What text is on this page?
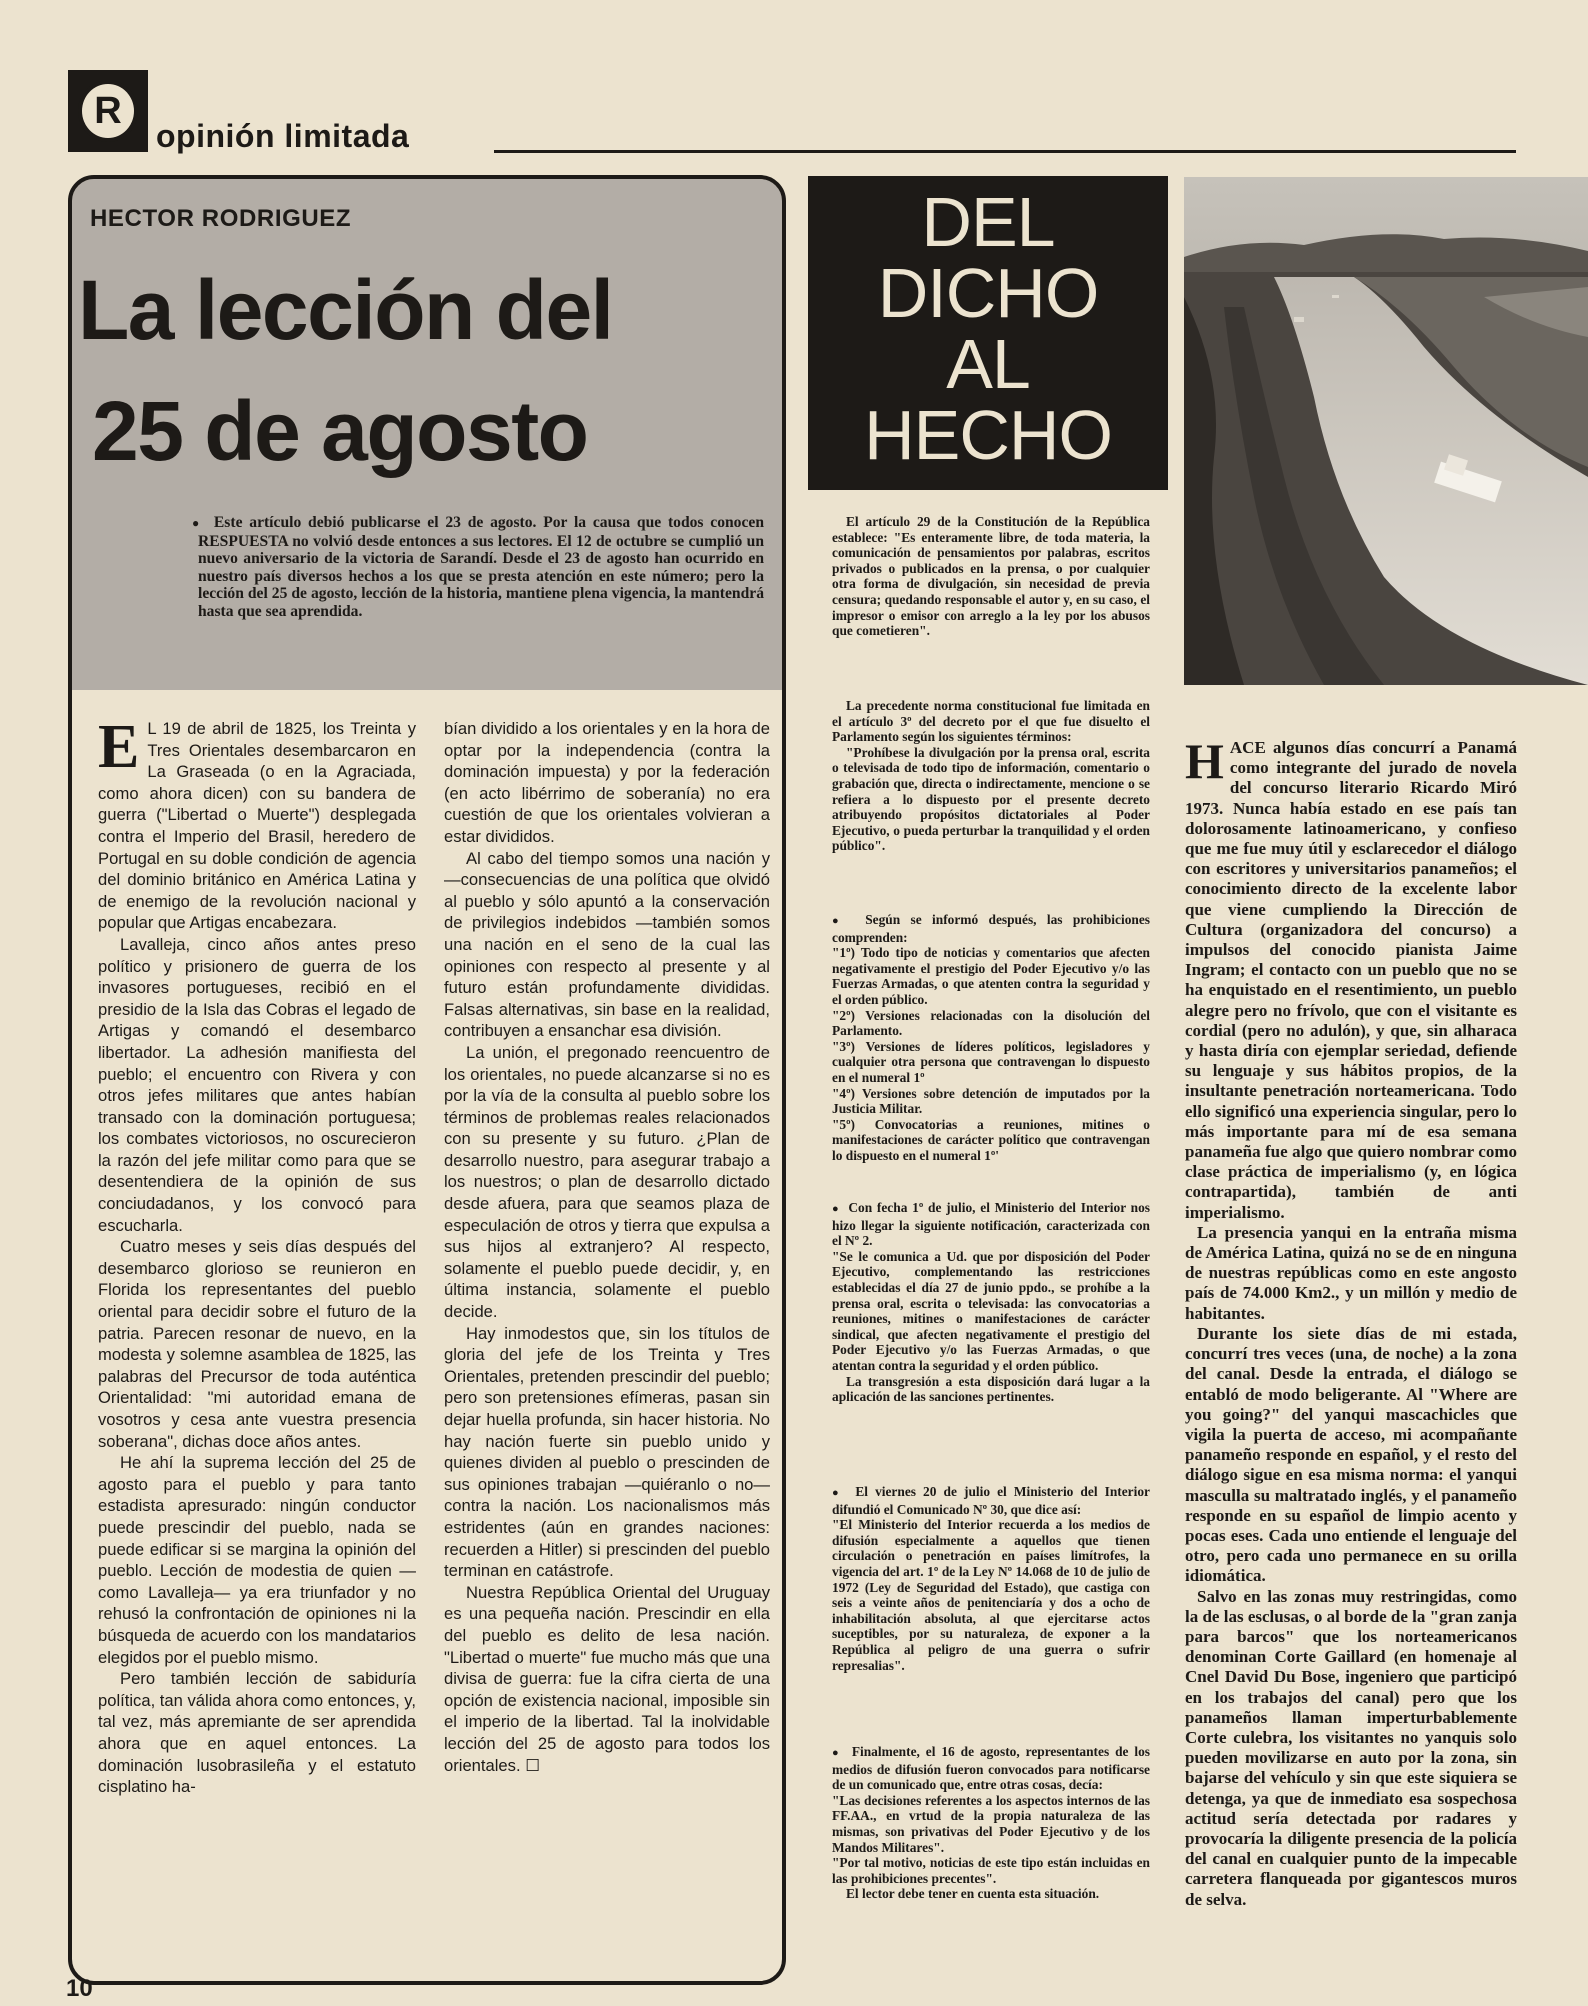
R
opinión limitada
HECTOR RODRIGUEZ
La lección del
25 de agosto
●  Este artículo debió publicarse el 23 de agosto. Por la causa que todos conocen RESPUESTA no volvió desde entonces a sus lectores. El 12 de octubre se cumplió un nuevo aniversario de la victoria de Sarandí. Desde el 23 de agosto han ocurrido en nuestro país diversos hechos a los que se presta atención en este número; pero la lección del 25 de agosto, lección de la historia, mantiene plena vigencia, la mantendrá hasta que sea aprendida.

E L 19 de abril de 1825, los Treinta y Tres Orientales desembarcaron en La Graseada (o en la Agraciada, como ahora dicen) con su bandera de guerra ("Libertad o Muerte") desplegada contra el Imperio del Brasil, heredero de Portugal en su doble condición de agencia del dominio británico en América Latina y de enemigo de la revolución nacional y popular que Artigas encabezara.

Lavalleja, cinco años antes preso político y prisionero de guerra de los invasores portugueses, recibió en el presidio de la Isla das Cobras el legado de Artigas y comandó el desembarco libertador. La adhesión manifiesta del pueblo; el encuentro con Rivera y con otros jefes militares que antes habían transado con la dominación portuguesa; los combates victoriosos, no oscurecieron la razón del jefe militar como para que se desentendiera de la opinión de sus conciudadanos, y los convocó para escucharla.

Cuatro meses y seis días después del desembarco glorioso se reunieron en Florida los representantes del pueblo oriental para decidir sobre el futuro de la patria. Parecen resonar de nuevo, en la modesta y solemne asamblea de 1825, las palabras del Precursor de toda auténtica Orientalidad: "mi autoridad emana de vosotros y cesa ante vuestra presencia soberana", dichas doce años antes.

He ahí la suprema lección del 25 de agosto para el pueblo y para tanto estadista apresurado: ningún conductor puede prescindir del pueblo, nada se puede edificar si se margina la opinión del pueblo. Lección de modestia de quien —como Lavalleja— ya era triunfador y no rehusó la confrontación de opiniones ni la búsqueda de acuerdo con los mandatarios elegidos por el pueblo mismo.

Pero también lección de sabiduría política, tan válida ahora como entonces, y, tal vez, más apremiante de ser aprendida ahora que en aquel entonces. La dominación lusobrasileña y el estatuto cisplatino ha-

bían dividido a los orientales y en la hora de optar por la independencia (contra la dominación impuesta) y por la federación (en acto libérrimo de soberanía) no era cuestión de que los orientales volvieran a estar divididos.

Al cabo del tiempo somos una nación y —consecuencias de una política que olvidó al pueblo y sólo apuntó a la conservación de privilegios indebidos —también somos una nación en el seno de la cual las opiniones con respecto al presente y al futuro están profundamente divididas. Falsas alternativas, sin base en la realidad, contribuyen a ensanchar esa división.

La unión, el pregonado reencuentro de los orientales, no puede alcanzarse si no es por la vía de la consulta al pueblo sobre los términos de problemas reales relacionados con su presente y su futuro. ¿Plan de desarrollo nuestro, para asegurar trabajo a los nuestros; o plan de desarrollo dictado desde afuera, para que seamos plaza de especulación de otros y tierra que expulsa a sus hijos al extranjero? Al respecto, solamente el pueblo puede decidir, y, en última instancia, solamente el pueblo decide.

Hay inmodestos que, sin los títulos de gloria del jefe de los Treinta y Tres Orientales, pretenden prescindir del pueblo; pero son pretensiones efímeras, pasan sin dejar huella profunda, sin hacer historia. No hay nación fuerte sin pueblo unido y quienes dividen al pueblo o prescinden de sus opiniones trabajan —quiéranlo o no— contra la nación. Los nacionalismos más estridentes (aún en grandes naciones: recuerden a Hitler) si prescinden del pueblo terminan en catástrofe.

Nuestra República Oriental del Uruguay es una pequeña nación. Prescindir en ella del pueblo es delito de lesa nación. "Libertad o muerte" fue mucho más que una divisa de guerra: fue la cifra cierta de una opción de existencia nacional, imposible sin el imperio de la libertad. Tal la inolvidable lección del 25 de agosto para todos los orientales. ☐

DEL
DICHO
AL
HECHO

El artículo 29 de la Constitución de la República establece: "Es enteramente libre, de toda materia, la comunicación de pensamientos por palabras, escritos privados o publicados en la prensa, o por cualquier otra forma de divulgación, sin necesidad de previa censura; quedando responsable el autor y, en su caso, el impresor o emisor con arreglo a la ley por los abusos que cometieren".

La precedente norma constitucional fue limitada en el artículo 3º del decreto por el que fue disuelto el Parlamento según los siguientes términos:

"Prohíbese la divulgación por la prensa oral, escrita o televisada de todo tipo de información, comentario o grabación que, directa o indirectamente, mencione o se refiera a lo dispuesto por el presente decreto atribuyendo propósitos dictatoriales al Poder Ejecutivo, o pueda perturbar la tranquilidad y el orden público".

●  Según se informó después, las prohibiciones comprenden:

"1º) Todo tipo de noticias y comentarios que afecten negativamente el prestigio del Poder Ejecutivo y/o las Fuerzas Armadas, o que atenten contra la seguridad y el orden público.

"2º) Versiones relacionadas con la disolución del Parlamento.

"3º) Versiones de líderes políticos, legisladores y cualquier otra persona que contravengan lo dispuesto en el numeral 1º

"4º) Versiones sobre detención de imputados por la Justicia Militar.

"5º) Convocatorias a reuniones, mitines o manifestaciones de carácter político que contravengan lo dispuesto en el numeral 1º'

●  Con fecha 1º de julio, el Ministerio del Interior nos hizo llegar la siguiente notificación, caracterizada con el Nº 2.

"Se le comunica a Ud. que por disposición del Poder Ejecutivo, complementando las restricciones establecidas el día 27 de junio ppdo., se prohíbe a la prensa oral, escrita o televisada: las convocatorias a reuniones, mitines o manifestaciones de carácter sindical, que afecten negativamente el prestigio del Poder Ejecutivo y/o las Fuerzas Armadas, o que atentan contra la seguridad y el orden público.

La transgresión a esta disposición dará lugar a la aplicación de las sanciones pertinentes.

●  El viernes 20 de julio el Ministerio del Interior difundió el Comunicado Nº 30, que dice así:

"El Ministerio del Interior recuerda a los medios de difusión especialmente a aquellos que tienen circulación o penetración en países limítrofes, la vigencia del art. 1º de la Ley Nº 14.068 de 10 de julio de 1972 (Ley de Seguridad del Estado), que castiga con seis a veinte años de penitenciaría y dos a ocho de inhabilitación absoluta, al que ejercitarse actos suceptibles, por su naturaleza, de exponer a la República al peligro de una guerra o sufrir represalias".

●  Finalmente, el 16 de agosto, representantes de los medios de difusión fueron convocados para notificarse de un comunicado que, entre otras cosas, decía:

"Las decisiones referentes a los aspectos internos de las FF.AA., en vrtud de la propia naturaleza de las mismas, son privativas del Poder Ejecutivo y de los Mandos Militares".

"Por tal motivo, noticias de este tipo están incluidas en las prohibiciones precentes".

El lector debe tener en cuenta esta situación.

HACE algunos días concurrí a Panamá como integrante del jurado de novela del concurso literario Ricardo Miró 1973. Nunca había estado en ese país tan dolorosamente latinoamericano, y confieso que me fue muy útil y esclarecedor el diálogo con escritores y universitarios panameños; el conocimiento directo de la excelente labor que viene cumpliendo la Dirección de Cultura (organizadora del concurso) a impulsos del conocido pianista Jaime Ingram; el contacto con un pueblo que no se ha enquistado en el resentimiento, un pueblo alegre pero no frívolo, que con el visitante es cordial (pero no adulón), y que, sin alharaca y hasta diría con ejemplar seriedad, defiende su lenguaje y sus hábitos propios, de la insultante penetración norteamericana. Todo ello significó una experiencia singular, pero lo más importante para mí de esa semana panameña fue algo que quiero nombrar como clase práctica de imperialismo (y, en lógica contrapartida), también de anti imperialismo.

La presencia yanqui en la entraña misma de América Latina, quizá no se de en ninguna de nuestras repúblicas como en este angosto país de 74.000 Km2., y un millón y medio de habitantes.

Durante los siete días de mi estada, concurrí tres veces (una, de noche) a la zona del canal. Desde la entrada, el diálogo se entabló de modo beligerante. Al "Where are you going?" del yanqui mascachicles que vigila la puerta de acceso, mi acompañante panameño responde en español, y el resto del diálogo sigue en esa misma norma: el yanqui masculla su maltratado inglés, y el panameño responde en su español de limpio acento y pocas eses. Cada uno entiende el lenguaje del otro, pero cada uno permanece en su orilla idiomática.

Salvo en las zonas muy restringidas, como la de las esclusas, o al borde de la "gran zanja para barcos" que los norteamericanos denominan Corte Gaillard (en homenaje al Cnel David Du Bose, ingeniero que participó en los trabajos del canal) pero que los panameños llaman imperturbablemente Corte culebra, los visitantes no yanquis solo pueden movilizarse en auto por la zona, sin bajarse del vehículo y sin que este siquiera se detenga, ya que de inmediato esa sospechosa actitud sería detectada por radares y provocaría la diligente presencia de la policía del canal en cualquier punto de la impecable carretera flanqueada por gigantescos muros de selva.

10
